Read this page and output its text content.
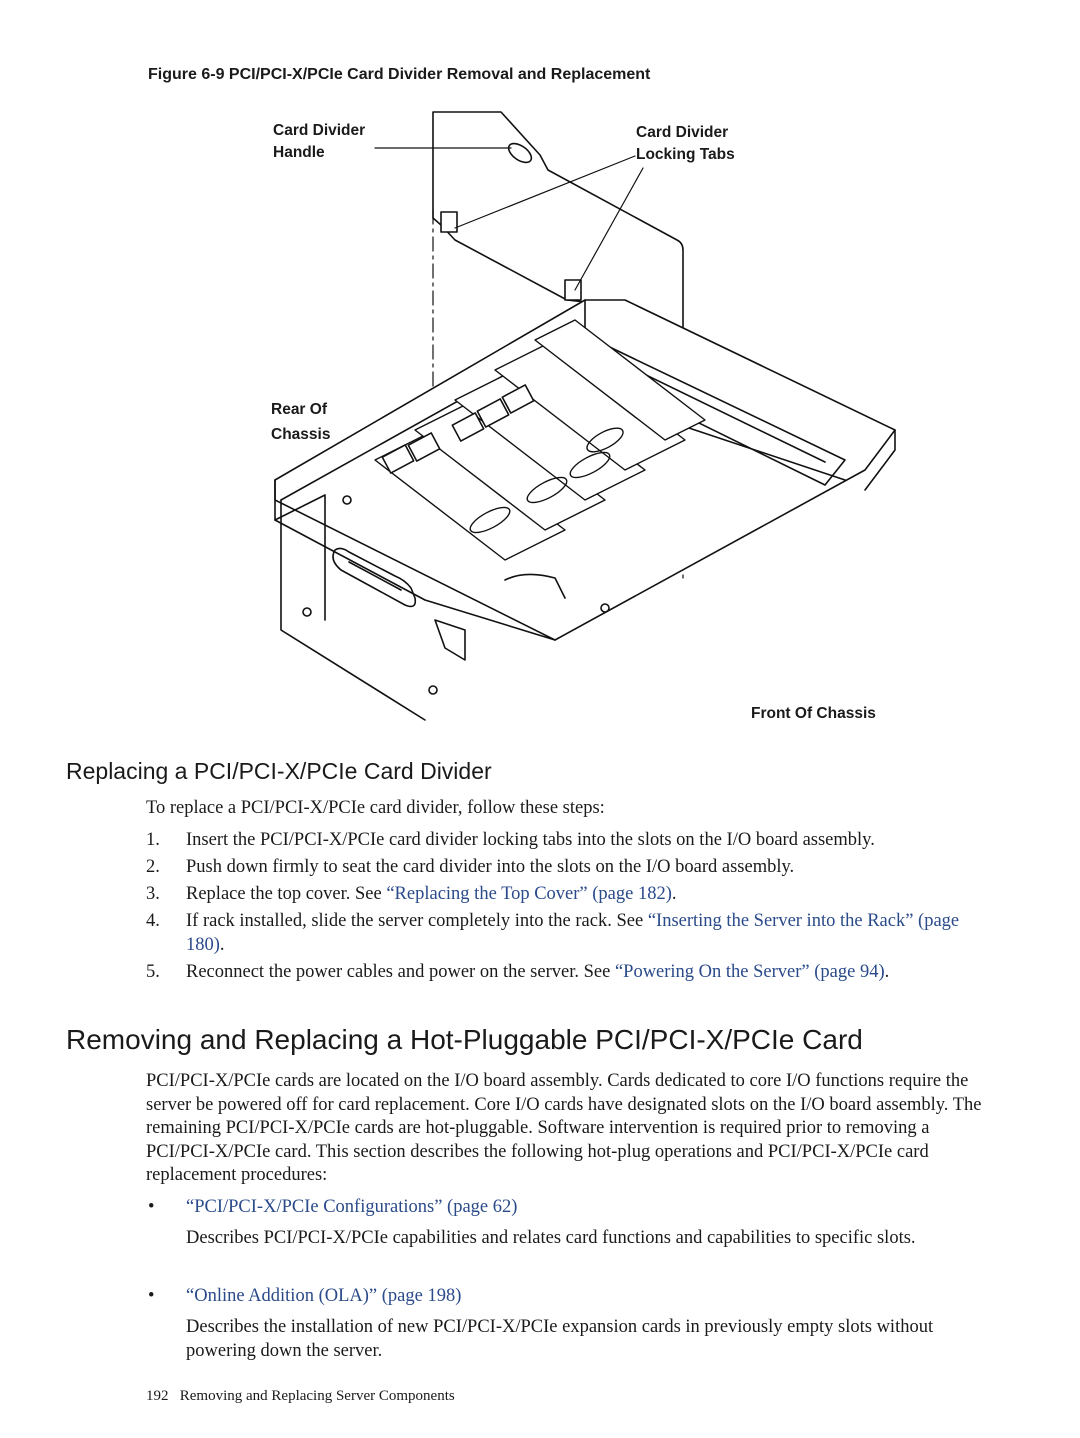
Figure 6-9 PCI/PCI-X/PCIe Card Divider Removal and Replacement
Card Divider
Handle
Card Divider
Locking Tabs
Rear Of
Chassis
Front Of Chassis
Replacing a PCI/PCI-X/PCIe Card Divider
To replace a PCI/PCI-X/PCIe card divider, follow these steps:
1. Insert the PCI/PCI-X/PCIe card divider locking tabs into the slots on the I/O board assembly.
2. Push down firmly to seat the card divider into the slots on the I/O board assembly.
3. Replace the top cover. See “Replacing the Top Cover” (page 182).
4. If rack installed, slide the server completely into the rack. See “Inserting the Server into the Rack” (page 180).
5. Reconnect the power cables and power on the server. See “Powering On the Server” (page 94).
Removing and Replacing a Hot-Pluggable PCI/PCI-X/PCIe Card
PCI/PCI-X/PCIe cards are located on the I/O board assembly. Cards dedicated to core I/O functions require the server be powered off for card replacement. Core I/O cards have designated slots on the I/O board assembly. The remaining PCI/PCI-X/PCIe cards are hot-pluggable. Software intervention is required prior to removing a PCI/PCI-X/PCIe card. This section describes the following hot-plug operations and PCI/PCI-X/PCIe card replacement procedures:
• “PCI/PCI-X/PCIe Configurations” (page 62)
Describes PCI/PCI-X/PCIe capabilities and relates card functions and capabilities to specific slots.
• “Online Addition (OLA)” (page 198)
Describes the installation of new PCI/PCI-X/PCIe expansion cards in previously empty slots without powering down the server.
192 Removing and Replacing Server Components
